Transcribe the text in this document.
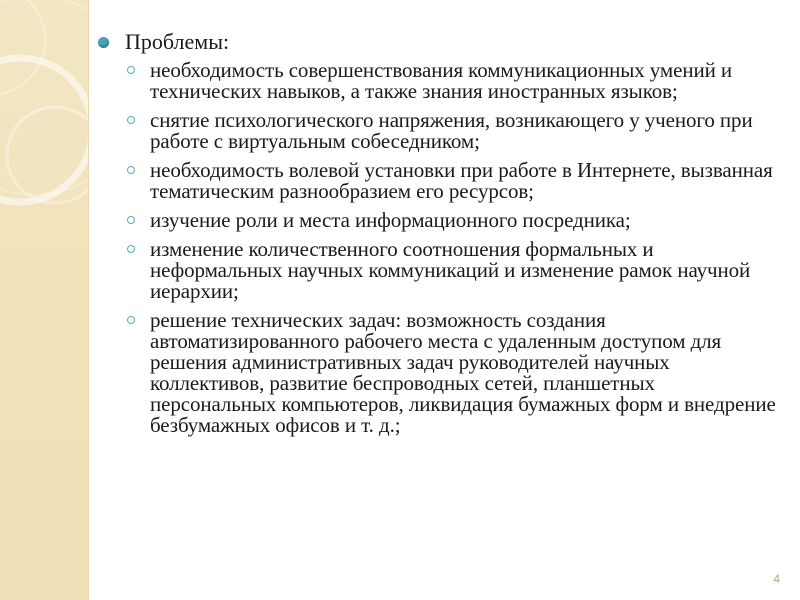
Проблемы:
необходимость совершенствования коммуникационных умений и технических навыков, а также знания иностранных языков;
снятие психологического напряжения, возникающего у ученого при работе с виртуальным собеседником;
необходимость волевой установки при работе в Интернете, вызванная тематическим разнообразием его ресурсов;
изучение роли и места информационного посредника;
изменение количественного соотношения формальных и неформальных научных коммуникаций и изменение рамок научной иерархии;
решение технических задач: возможность создания автоматизированного рабочего места с удаленным доступом для решения административных задач руководителей научных коллективов, развитие беспроводных сетей, планшетных персональных компьютеров, ликвидация бумажных форм и внедрение безбумажных офисов и т. д.;
4
